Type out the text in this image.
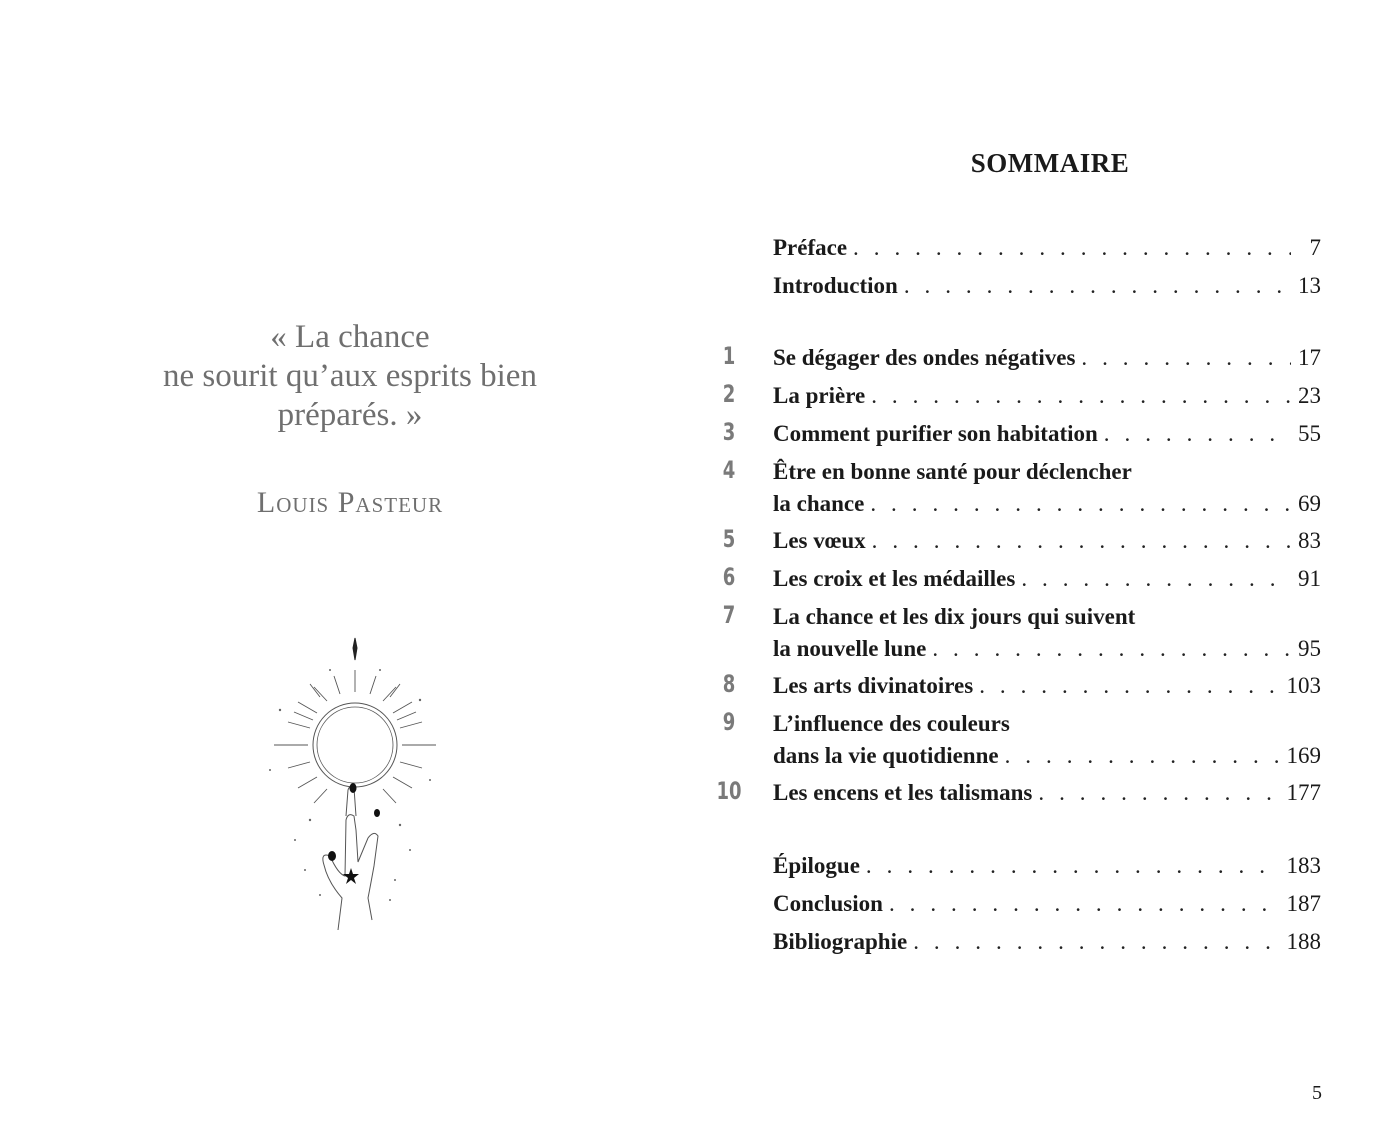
« La chance
ne sourit qu’aux esprits bien
préparés. »
Louis Pasteur
SOMMAIRE
Préface . . .	7
Introduction . . .	13
1	Se dégager des ondes négatives . . .	17
2	La prière . . .	23
3	Comment purifier son habitation . . .	55
4	Être en bonne santé pour déclencher
la chance . . .	69
5	Les vœux . . .	83
6	Les croix et les médailles . . .	91
7	La chance et les dix jours qui suivent
la nouvelle lune . . .	95
8	Les arts divinatoires . . .	103
9	L’influence des couleurs
dans la vie quotidienne . . .	169
10	Les encens et les talismans . . .	177
Épilogue . . .	183
Conclusion . . .	187
Bibliographie . . .	188
5
